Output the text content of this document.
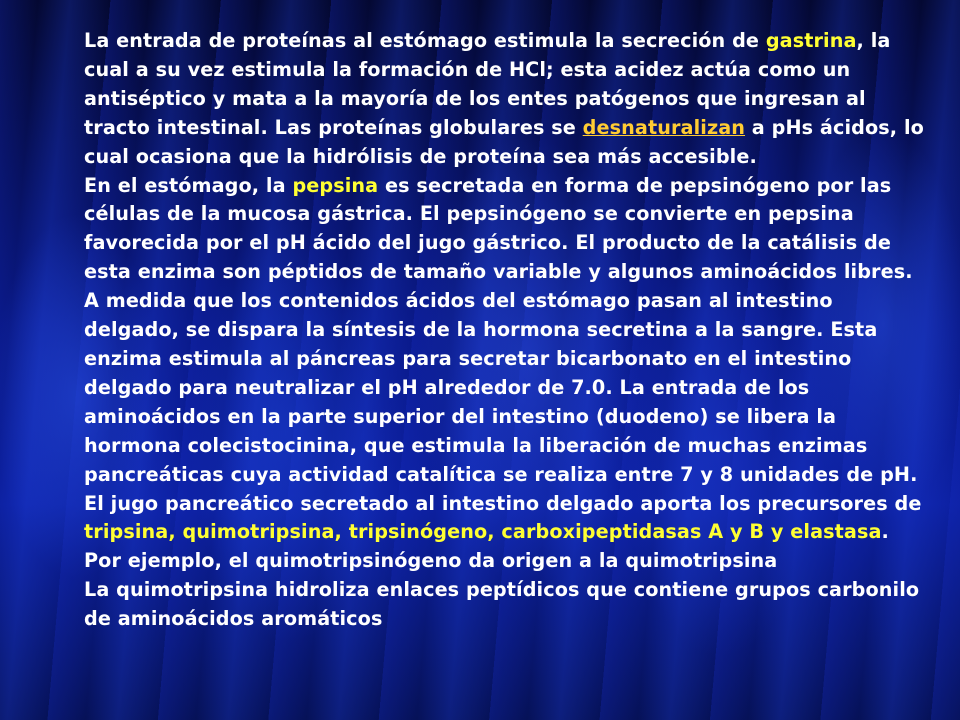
La entrada de proteínas al estómago estimula la secreción de gastrina, la cual a su vez estimula la formación de HCl; esta acidez actúa como un antiséptico y mata a la mayoría de los entes patógenos que ingresan al tracto intestinal. Las proteínas globulares se desnaturalizan a pHs ácidos, lo cual ocasiona que la hidrólisis de proteína sea más accesible.

En el estómago, la pepsina es secretada en forma de pepsinógeno por las células de la mucosa gástrica. El pepsinógeno se convierte en pepsina favorecida por el pH ácido del jugo gástrico. El producto de la catálisis de esta enzima son péptidos de tamaño variable y algunos aminoácidos libres.

A medida que los contenidos ácidos del estómago pasan al intestino delgado, se dispara la síntesis de la hormona secretina a la sangre. Esta enzima estimula al páncreas para secretar bicarbonato en el intestino delgado para neutralizar el pH alrededor de 7.0. La entrada de los aminoácidos en la parte superior del intestino (duodeno) se libera la hormona colecistocinina, que estimula la liberación de muchas enzimas pancreáticas cuya actividad catalítica se realiza entre 7 y 8 unidades de pH. El jugo pancreático secretado al intestino delgado aporta los precursores de tripsina, quimotripsina, tripsinógeno, carboxipeptidasas A y B y elastasa.

Por ejemplo, el quimotripsinógeno da origen a la quimotripsina

La quimotripsina hidroliza enlaces peptídicos que contiene grupos carbonilo de aminoácidos aromáticos
